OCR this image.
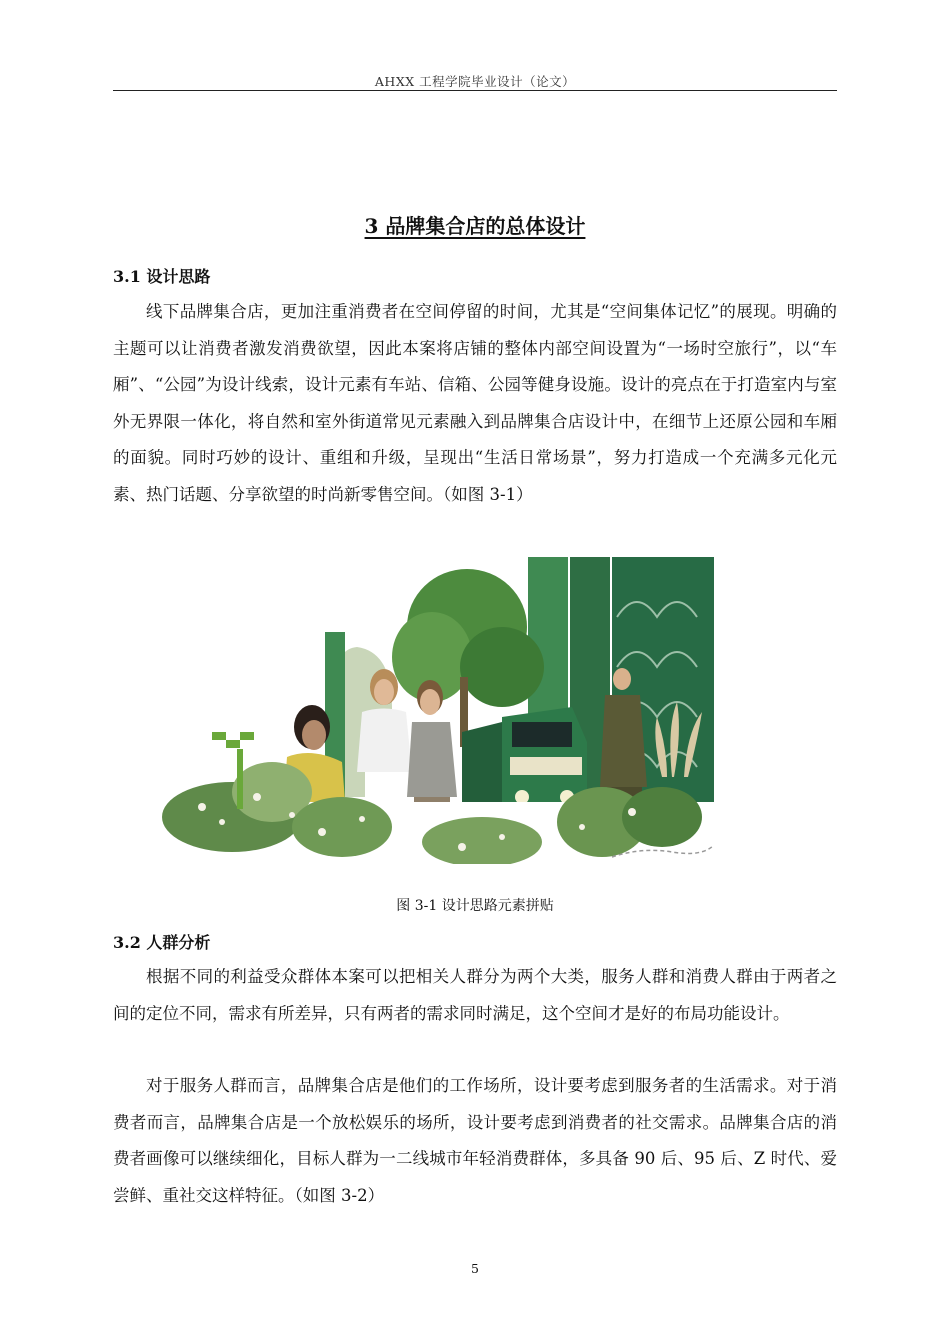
AHXX 工程学院毕业设计（论文）
3 品牌集合店的总体设计
3.1 设计思路

线下品牌集合店，更加注重消费者在空间停留的时间，尤其是“空间集体记忆”的展现。明确的主题可以让消费者激发消费欲望，因此本案将店铺的整体内部空间设置为“一场时空旅行”，以“车厢”、“公园”为设计线索，设计元素有车站、信箱、公园等健身设施。设计的亮点在于打造室内与室外无界限一体化，将自然和室外街道常见元素融入到品牌集合店设计中，在细节上还原公园和车厢的面貌。同时巧妙的设计、重组和升级，呈现出“生活日常场景”，努力打造成一个充满多元化元素、热门话题、分享欲望的时尚新零售空间。（如图 3-1）

图 3-1 设计思路元素拼贴
3.2 人群分析

根据不同的利益受众群体本案可以把相关人群分为两个大类，服务人群和消费人群由于两者之间的定位不同，需求有所差异，只有两者的需求同时满足，这个空间才是好的布局功能设计。

对于服务人群而言，品牌集合店是他们的工作场所，设计要考虑到服务者的生活需求。对于消费者而言，品牌集合店是一个放松娱乐的场所，设计要考虑到消费者的社交需求。品牌集合店的消费者画像可以继续细化，目标人群为一二线城市年轻消费群体，多具备 90 后、95 后、Z 时代、爱尝鲜、重社交这样特征。（如图 3-2）

5
